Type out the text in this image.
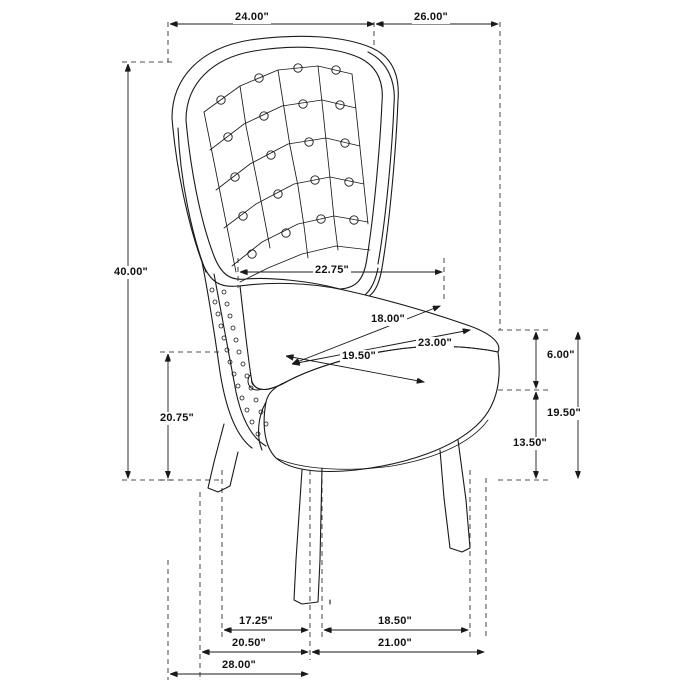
24.00"	26.00"
40.00"	22.75"
18.00"
23.00"
19.50"	6.00"
19.50"
13.50"
20.75"
17.25"	18.50"
20.50"	21.00"
28.00"
